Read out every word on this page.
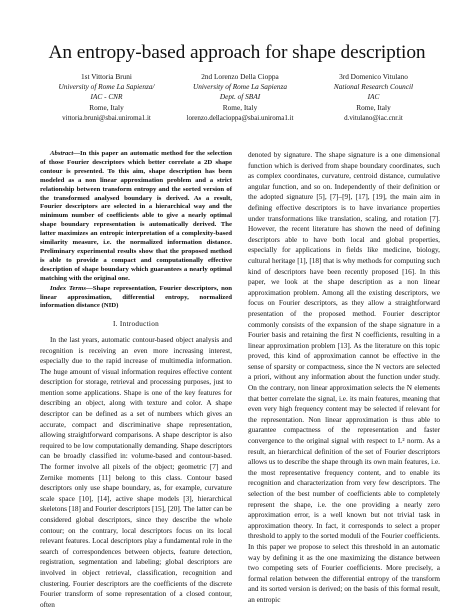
An entropy-based approach for shape description
1st Vittoria Bruni
University of Rome La Sapienza/
IAC - CNR
Rome, Italy
vittoria.bruni@sbai.uniroma1.it
2nd Lorenzo Della Cioppa
University of Rome La Sapienza
Dept. of SBAI
Rome, Italy
lorenzo.dellacioppa@sbai.uniroma1.it
3rd Domenico Vitulano
National Research Council
IAC
Rome, Italy
d.vitulano@iac.cnr.it

Abstract—In this paper an automatic method for the selection of those Fourier descriptors which better correlate a 2D shape contour is presented. To this aim, shape description has been modeled as a non linear approximation problem and a strict relationship between transform entropy and the sorted version of the transformed analysed boundary is derived. As a result, Fourier descriptors are selected in a hierarchical way and the minimum number of coefficients able to give a nearly optimal shape boundary representation is automatically derived. The latter maximizes an entropic interpretation of a complexity-based similarity measure, i.e. the normalized information distance. Preliminary experimental results show that the proposed method is able to provide a compact and computationally effective description of shape boundary which guarantees a nearly optimal matching with the original one.

Index Terms—Shape representation, Fourier descriptors, non linear approximation, differential entropy, normalized information distance (NID)

I. Introduction

In the last years, automatic contour-based object analysis and recognition is receiving an even more increasing interest, especially due to the rapid increase of multimedia information. The huge amount of visual information requires effective content description for storage, retrieval and processing purposes, just to mention some applications. Shape is one of the key features for describing an object, along with texture and color. A shape descriptor can be defined as a set of numbers which gives an accurate, compact and discriminative shape representation, allowing straightforward comparisons. A shape descriptor is also required to be low computationally demanding. Shape descriptors can be broadly classified in: volume-based and contour-based. The former involve all pixels of the object; geometric [7] and Zernike moments [11] belong to this class. Contour based descriptors only use shape boundary, as, for example, curvature scale space [10], [14], active shape models [3], hierarchical skeletons [18] and Fourier descriptors [15], [20]. The latter can be considered global descriptors, since they describe the whole contour; on the contrary, local descriptors focus on its local relevant features. Local descriptors play a fundamental role in the search of correspondences between objects, feature detection, registration, segmentation and labeling; global descriptors are involved in object retrieval, classification, recognition and clustering. Fourier descriptors are the coefficients of the discrete Fourier transform of some representation of a closed contour, often

denoted by signature. The shape signature is a one dimensional function which is derived from shape boundary coordinates, such as complex coordinates, curvature, centroid distance, cumulative angular function, and so on. Independently of their definition or the adopted signature [5], [7]–[9], [17], [19], the main aim in defining effective descriptors is to have invariance properties under transformations like translation, scaling, and rotation [7]. However, the recent literature has shown the need of defining descriptors able to have both local and global properties, especially for applications in fields like medicine, biology, cultural heritage [1], [18] that is why methods for computing such kind of descriptors have been recently proposed [16]. In this paper, we look at the shape description as a non linear approximation problem. Among all the existing descriptors, we focus on Fourier descriptors, as they allow a straightforward presentation of the proposed method. Fourier descriptor commonly consists of the expansion of the shape signature in a Fourier basis and retaining the first N coefficients, resulting in a linear approximation problem [13]. As the literature on this topic proved, this kind of approximation cannot be effective in the sense of sparsity or compactness, since the N vectors are selected a priori, without any information about the function under study. On the contrary, non linear approximation selects the N elements that better correlate the signal, i.e. its main features, meaning that even very high frequency content may be selected if relevant for the representation. Non linear approximation is thus able to guarantee compactness of the representation and faster convergence to the original signal with respect to L² norm. As a result, an hierarchical definition of the set of Fourier descriptors allows us to describe the shape through its own main features, i.e. the most representative frequency content, and to enable its recognition and characterization from very few descriptors. The selection of the best number of coefficients able to completely represent the shape, i.e. the one providing a nearly zero approximation error, is a well known but not trivial task in approximation theory. In fact, it corresponds to select a proper threshold to apply to the sorted moduli of the Fourier coefficients. In this paper we propose to select this threshold in an automatic way by defining it as the one maximizing the distance between two competing sets of Fourier coefficients. More precisely, a formal relation between the differential entropy of the transform and its sorted version is derived; on the basis of this formal result, an entropic
